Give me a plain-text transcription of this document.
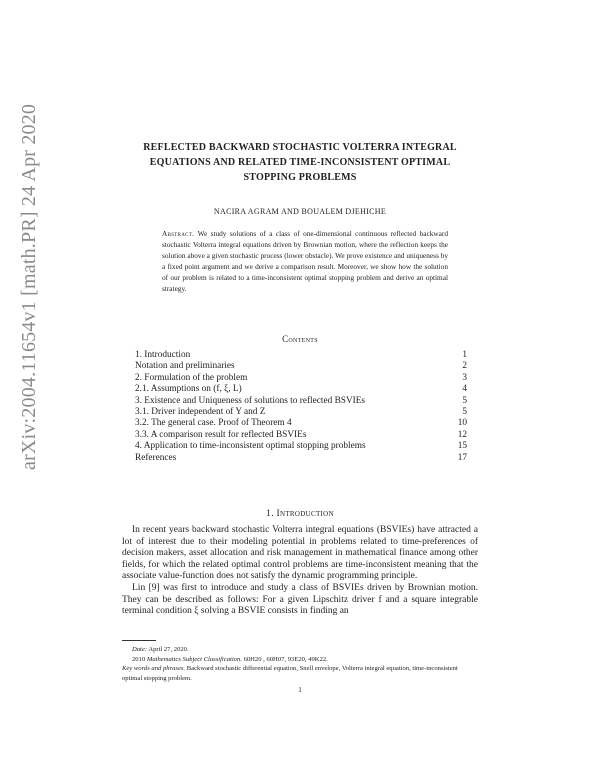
arXiv:2004.11654v1 [math.PR] 24 Apr 2020	REFLECTED BACKWARD STOCHASTIC VOLTERRA INTEGRAL
EQUATIONS AND RELATED TIME-INCONSISTENT OPTIMAL
STOPPING PROBLEMS
NACIRA AGRAM AND BOUALEM DJEHICHE
Abstract. We study solutions of a class of one-dimensional continuous reflected backward stochastic Volterra integral equations driven by Brownian motion, where the reflection keeps the solution above a given stochastic process (lower obstacle). We prove existence and uniqueness by a fixed point argument and we derive a comparison result. Moreover, we show how the solution of our problem is related to a time-inconsistent optimal stopping problem and derive an optimal strategy.
Contents
1. Introduction	1
Notation and preliminaries	2
2. Formulation of the problem	3
2.1. Assumptions on (f, ξ, L)	4
3. Existence and Uniqueness of solutions to reflected BSVIEs	5
3.1. Driver independent of Y and Z	5
3.2. The general case. Proof of Theorem 4	10
3.3. A comparison result for reflected BSVIEs	12
4. Application to time-inconsistent optimal stopping problems	15
References	17
1. Introduction

In recent years backward stochastic Volterra integral equations (BSVIEs) have attracted a lot of interest due to their modeling potential in problems related to time-preferences of decision makers, asset allocation and risk management in mathematical finance among other fields, for which the related optimal control problems are time-inconsistent meaning that the associate value-function does not satisfy the dynamic programming principle.

Lin [9] was first to introduce and study a class of BSVIEs driven by Brownian motion. They can be described as follows: For a given Lipschitz driver f and a square integrable terminal condition ξ solving a BSVIE consists in finding an

Date: April 27, 2020.
2010 Mathematics Subject Classification. 60H20 , 60H07, 93E20, 49K22.
Key words and phrases. Backward stochastic differential equation, Snell envelope, Volterra integral equation, time-inconsistent optimal stopping problem.
1
